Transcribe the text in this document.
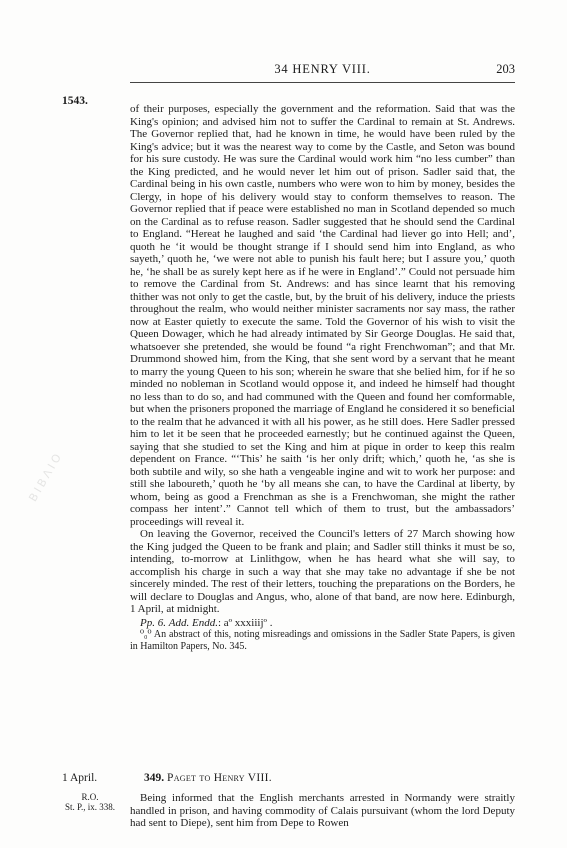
ΒΙΒΛΙΟ
34 HENRY VIII.	203
1543.

of their purposes, especially the government and the reformation. Said that was the King's opinion; and advised him not to suffer the Cardinal to remain at St. Andrews. The Governor replied that, had he known in time, he would have been ruled by the King's advice; but it was the nearest way to come by the Castle, and Seton was bound for his sure custody. He was sure the Cardinal would work him “no less cumber” than the King predicted, and he would never let him out of prison. Sadler said that, the Cardinal being in his own castle, numbers who were won to him by money, besides the Clergy, in hope of his delivery would stay to conform themselves to reason. The Governor replied that if peace were established no man in Scotland depended so much on the Cardinal as to refuse reason. Sadler suggested that he should send the Cardinal to England. “Hereat he laughed and said ‘the Cardinal had liever go into Hell; and’, quoth he ‘it would be thought strange if I should send him into England, as who sayeth,’ quoth he, ‘we were not able to punish his fault here; but I assure you,’ quoth he, ‘he shall be as surely kept here as if he were in England’.” Could not persuade him to remove the Cardinal from St. Andrews: and has since learnt that his removing thither was not only to get the castle, but, by the bruit of his delivery, induce the priests throughout the realm, who would neither minister sacraments nor say mass, the rather now at Easter quietly to execute the same. Told the Governor of his wish to visit the Queen Dowager, which he had already intimated by Sir George Douglas. He said that, whatsoever she pretended, she would be found “a right Frenchwoman”; and that Mr. Drummond showed him, from the King, that she sent word by a servant that he meant to marry the young Queen to his son; wherein he sware that she belied him, for if he so minded no nobleman in Scotland would oppose it, and indeed he himself had thought no less than to do so, and had communed with the Queen and found her comformable, but when the prisoners proponed the marriage of England he considered it so beneficial to the realm that he advanced it with all his power, as he still does. Here Sadler pressed him to let it be seen that he proceeded earnestly; but he continued against the Queen, saying that she studied to set the King and him at pique in order to keep this realm dependent on France. “‘This’ he saith ‘is her only drift; which,’ quoth he, ‘as she is both subtile and wily, so she hath a vengeable ingine and wit to work her purpose: and still she laboureth,’ quoth he ‘by all means she can, to have the Cardinal at liberty, by whom, being as good a Frenchman as she is a Frenchwoman, she might the rather compass her intent’.” Cannot tell which of them to trust, but the ambassadors’ proceedings will reveal it.

On leaving the Governor, received the Council's letters of 27 March showing how the King judged the Queen to be frank and plain; and Sadler still thinks it must be so, intending, to-morrow at Linlithgow, when he has heard what she will say, to accomplish his charge in such a way that she may take no advantage if she be not sincerely minded. The rest of their letters, touching the preparations on the Borders, he will declare to Douglas and Angus, who, alone of that band, are now here. Edinburgh, 1 April, at midnight.

Pp. 6. Add. Endd.: aº xxxiiijº .

⁰₀⁰ An abstract of this, noting misreadings and omissions in the Sadler State Papers, is given in Hamilton Papers, No. 345.

1 April.
R.O.
St. P., ix. 338.
349. Paget to Henry VIII.

Being informed that the English merchants arrested in Normandy were straitly handled in prison, and having commodity of Calais pursuivant (whom the lord Deputy had sent to Diepe), sent him from Depe to Rowen
